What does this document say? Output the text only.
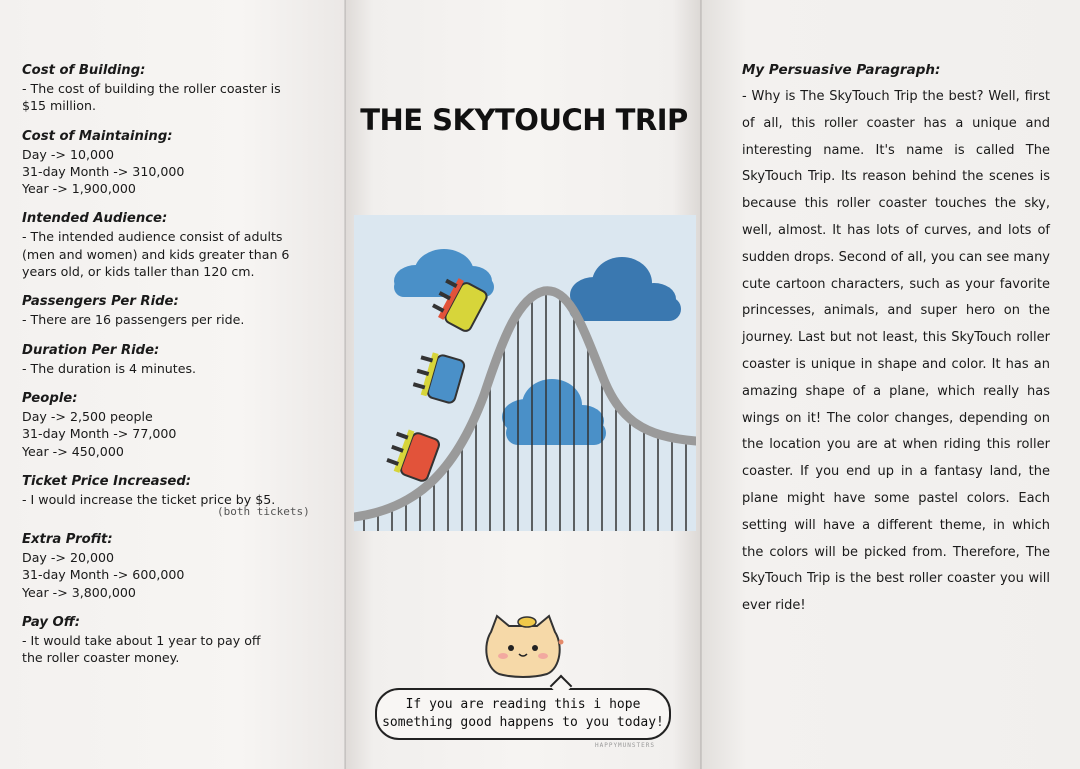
Cost of Building:
- The cost of building the roller coaster is
$15 million.
Cost of Maintaining:
Day -> 10,000
31-day Month -> 310,000
Year -> 1,900,000
Intended Audience:
- The intended audience consist of adults
(men and women) and kids greater than 6
years old, or kids taller than 120 cm.
Passengers Per Ride:
- There are 16 passengers per ride.
Duration Per Ride:
- The duration is 4 minutes.
People:
Day -> 2,500 people
31-day Month -> 77,000
Year -> 450,000
Ticket Price Increased:
- I would increase the ticket price by $5.
(both tickets)
Extra Profit:
Day -> 20,000
31-day Month -> 600,000
Year -> 3,800,000
Pay Off:
- It would take about 1 year to pay off
the roller coaster money.
THE SKYTOUCH TRIP
If you are reading this i hope
something good happens to you today!
HAPPYMUNSTERS
My Persuasive Paragraph:
- Why is The SkyTouch Trip the best? Well, first of all, this roller coaster has a unique and interesting name. It's name is called The SkyTouch Trip. Its reason behind the scenes is because this roller coaster touches the sky, well, almost. It has lots of curves, and lots of sudden drops. Second of all, you can see many cute cartoon characters, such as your favorite princesses, animals, and super hero on the journey. Last but not least, this SkyTouch roller coaster is unique in shape and color. It has an amazing shape of a plane, which really has wings on it! The color changes, depending on the location you are at when riding this roller coaster. If you end up in a fantasy land, the plane might have some pastel colors. Each setting will have a different theme, in which the colors will be picked from. Therefore, The SkyTouch Trip is the best roller coaster you will ever ride!
